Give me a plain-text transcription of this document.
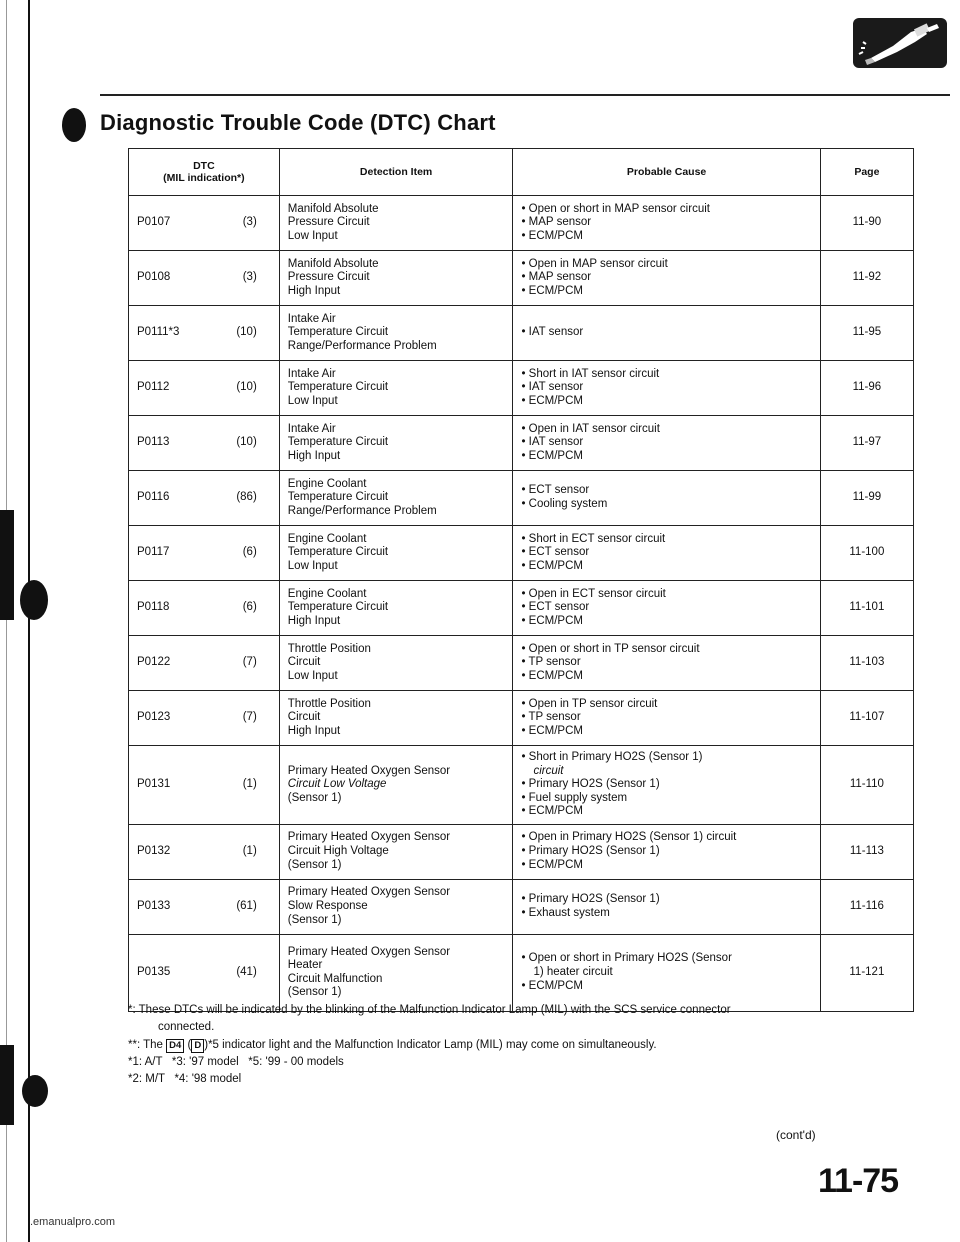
Diagnostic Trouble Code (DTC) Chart
DTC
(MIL indication*)	Detection Item	Probable Cause	Page

P0107 (3)	Manifold Absolute
Pressure Circuit
Low Input	• Open or short in MAP sensor circuit
• MAP sensor
• ECM/PCM	11-90

P0108 (3)	Manifold Absolute
Pressure Circuit
High Input	• Open in MAP sensor circuit
• MAP sensor
• ECM/PCM	11-92

P0111*3 (10)	Intake Air
Temperature Circuit
Range/Performance Problem	• IAT sensor	11-95

P0112 (10)	Intake Air
Temperature Circuit
Low Input	• Short in IAT sensor circuit
• IAT sensor
• ECM/PCM	11-96

P0113 (10)	Intake Air
Temperature Circuit
High Input	• Open in IAT sensor circuit
• IAT sensor
• ECM/PCM	11-97

P0116 (86)	Engine Coolant
Temperature Circuit
Range/Performance Problem	• ECT sensor
• Cooling system	11-99

P0117 (6)	Engine Coolant
Temperature Circuit
Low Input	• Short in ECT sensor circuit
• ECT sensor
• ECM/PCM	11-100

P0118 (6)	Engine Coolant
Temperature Circuit
High Input	• Open in ECT sensor circuit
• ECT sensor
• ECM/PCM	11-101

P0122 (7)	Throttle Position
Circuit
Low Input	• Open or short in TP sensor circuit
• TP sensor
• ECM/PCM	11-103

P0123 (7)	Throttle Position
Circuit
High Input	• Open in TP sensor circuit
• TP sensor
• ECM/PCM	11-107

P0131 (1)	Primary Heated Oxygen Sensor
Circuit Low Voltage
(Sensor 1)	• Short in Primary HO2S (Sensor 1)
circuit
• Primary HO2S (Sensor 1)
• Fuel supply system
• ECM/PCM	11-110

P0132 (1)	Primary Heated Oxygen Sensor
Circuit High Voltage
(Sensor 1)	• Open in Primary HO2S (Sensor 1) circuit
• Primary HO2S (Sensor 1)
• ECM/PCM	11-113

P0133 (61)	Primary Heated Oxygen Sensor
Slow Response
(Sensor 1)	• Primary HO2S (Sensor 1)
• Exhaust system	11-116

P0135 (41)	Primary Heated Oxygen Sensor
Heater
Circuit Malfunction
(Sensor 1)	• Open or short in Primary HO2S (Sensor
1) heater circuit
• ECM/PCM	11-121

*: These DTCs will be indicated by the blinking of the Malfunction Indicator Lamp (MIL) with the SCS service connector

connected.

**: The D4 ( D )*5 indicator light and the Malfunction Indicator Lamp (MIL) may come on simultaneously.

*1: A/T   *3: '97 model   *5: '99 - 00 models

*2: M/T   *4: '98 model

(cont'd)
11-75
.emanualpro.com
